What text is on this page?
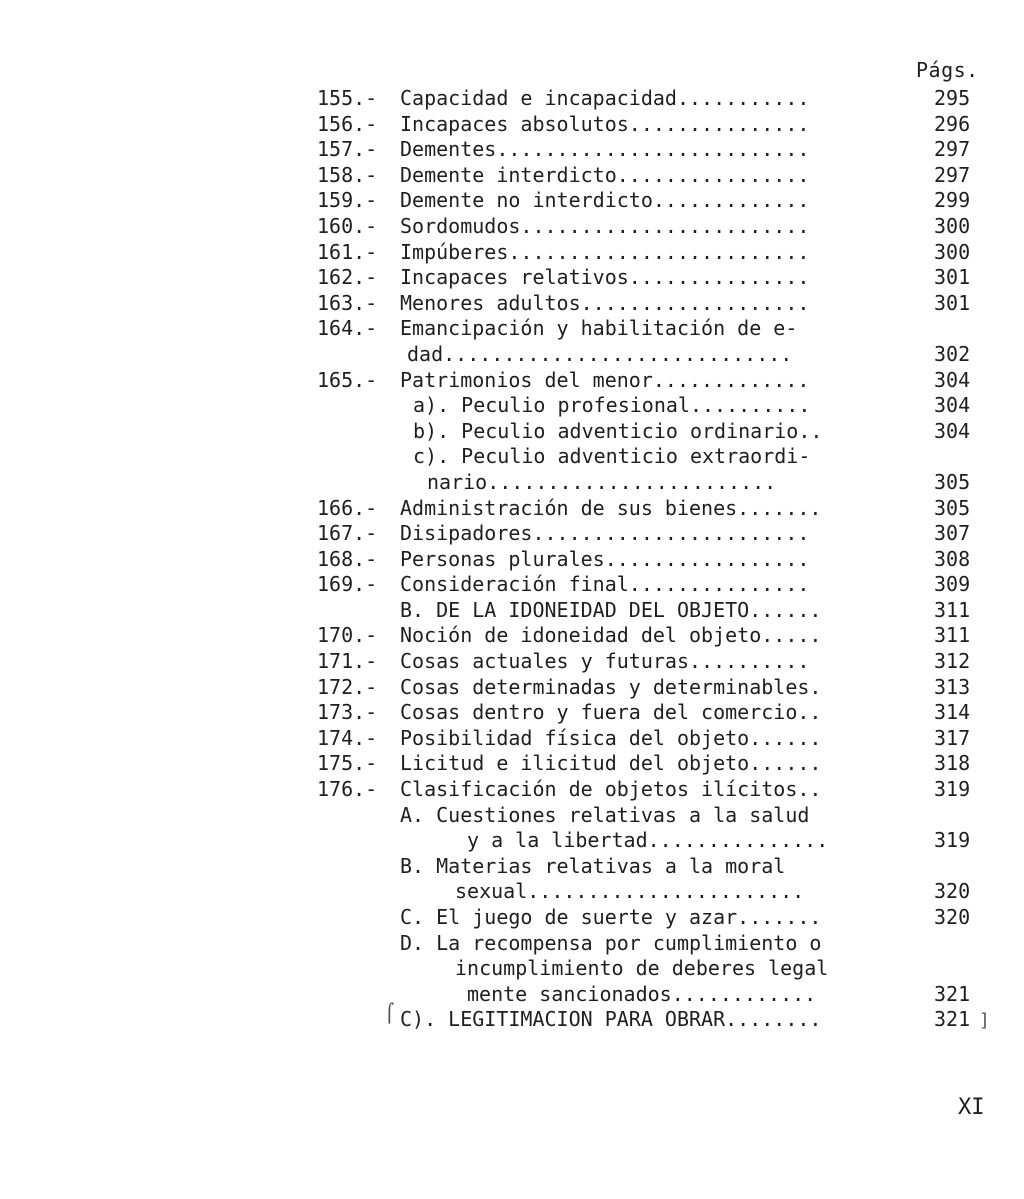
Págs.
155.-	Capacidad e incapacidad...........	295
156.-	Incapaces absolutos...............	296
157.-	Dementes..........................	297
158.-	Demente interdicto................	297
159.-	Demente no interdicto.............	299
160.-	Sordomudos........................	300
161.-	Impúberes.........................	300
162.-	Incapaces relativos...............	301
163.-	Menores adultos...................	301
164.-	Emancipación y habilitación de e-
dad.............................	302
165.-	Patrimonios del menor.............	304
a). Peculio profesional..........	304
b). Peculio adventicio ordinario..	304
c). Peculio adventicio extraordi-
nario........................	305
166.-	Administración de sus bienes.......	305
167.-	Disipadores.......................	307
168.-	Personas plurales.................	308
169.-	Consideración final...............	309
B. DE LA IDONEIDAD DEL OBJETO......	311
170.-	Noción de idoneidad del objeto.....	311
171.-	Cosas actuales y futuras..........	312
172.-	Cosas determinadas y determinables.	313
173.-	Cosas dentro y fuera del comercio..	314
174.-	Posibilidad física del objeto......	317
175.-	Licitud e ilicitud del objeto......	318
176.-	Clasificación de objetos ilícitos..	319
A. Cuestiones relativas a la salud
y a la libertad...............	319
B. Materias relativas a la moral
sexual.......................	320
C. El juego de suerte y azar.......	320
D. La recompensa por cumplimiento o
incumplimiento de deberes legal
mente sancionados............	321
C). LEGITIMACION PARA OBRAR........	321
XI
⌠	]
